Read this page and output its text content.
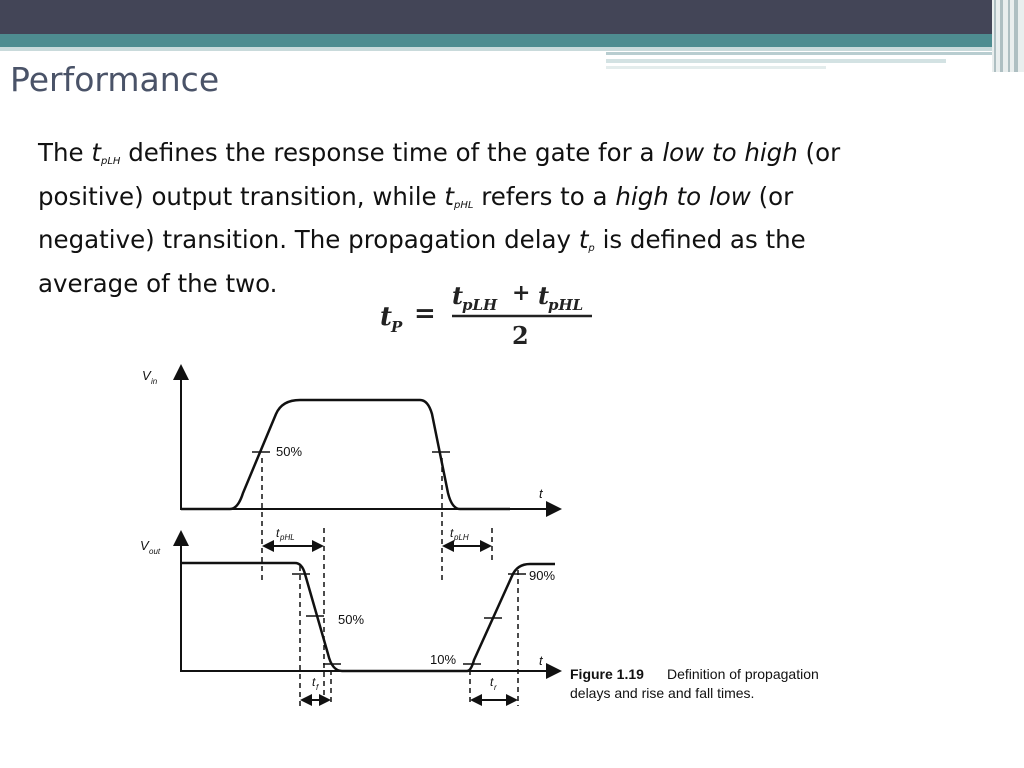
Performance
The tpLH defines the response time of the gate for a low to high (or
positive) output transition, while tpHL refers to a high to low (or
negative) transition. The propagation delay tp is defined as the
average of the two.
t
P =
t
pLH + t
pHL
2
V in
t
50%
t pHL	t pLH
V out
t
50%
10%
90%
t f	t r
Figure 1.19 Definition of propagation
delays and rise and fall times.
